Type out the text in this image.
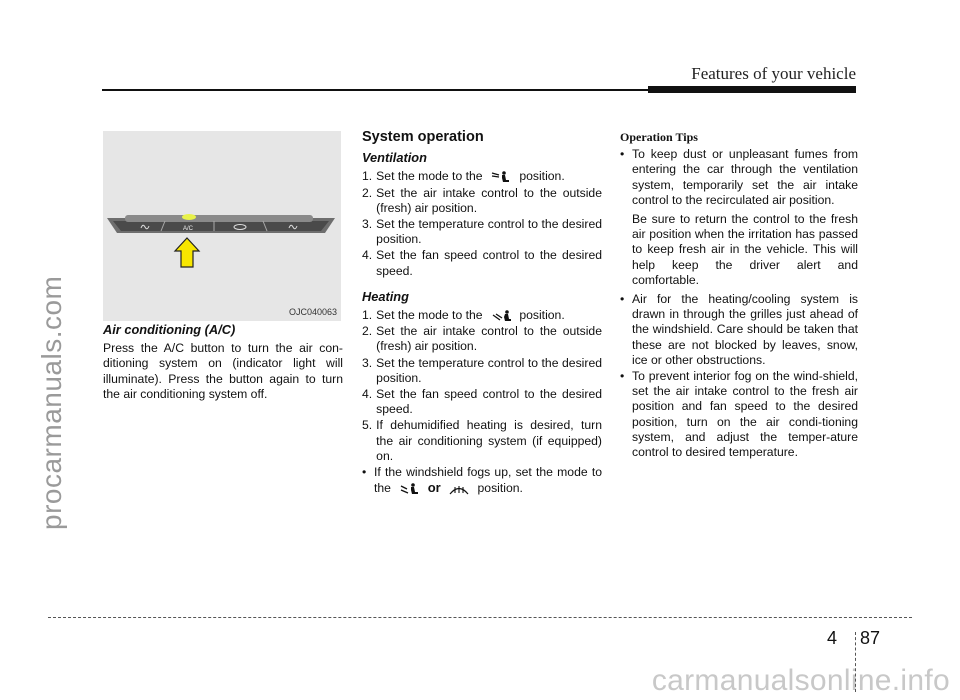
procarmanuals.com
carmanualsonline.info
Features of your vehicle
A/C
OJC040063
Air conditioning (A/C)

Press the A/C button to turn the air con-ditioning system on (indicator light will illuminate). Press the button again to turn the air conditioning system off.

System operation
Ventilation
1. Set the mode to the	position.
2. Set the air intake control to the outside (fresh) air position.
3. Set the temperature control to the desired position.
4. Set the fan speed control to the desired speed.
Heating
1. Set the mode to the	position.
2. Set the air intake control to the outside (fresh) air position.
3. Set the temperature control to the desired position.
4. Set the fan speed control to the desired speed.
5. If dehumidified heating is desired, turn the air conditioning system (if equipped) on.
• If the windshield fogs up, set the mode to the	or	position.
Operation Tips
• To keep dust or unpleasant fumes from entering the car through the ventilation system, temporarily set the air intake control to the recirculated air position.

Be sure to return the control to the fresh air position when the irritation has passed to keep fresh air in the vehicle. This will help keep the driver alert and comfortable.

• Air for the heating/cooling system is drawn in through the grilles just ahead of the windshield. Care should be taken that these are not blocked by leaves, snow, ice or other obstructions.
• To prevent interior fog on the wind-shield, set the air intake control to the fresh air position and fan speed to the desired position, turn on the air condi-tioning system, and adjust the temper-ature control to desired temperature.
4 87
